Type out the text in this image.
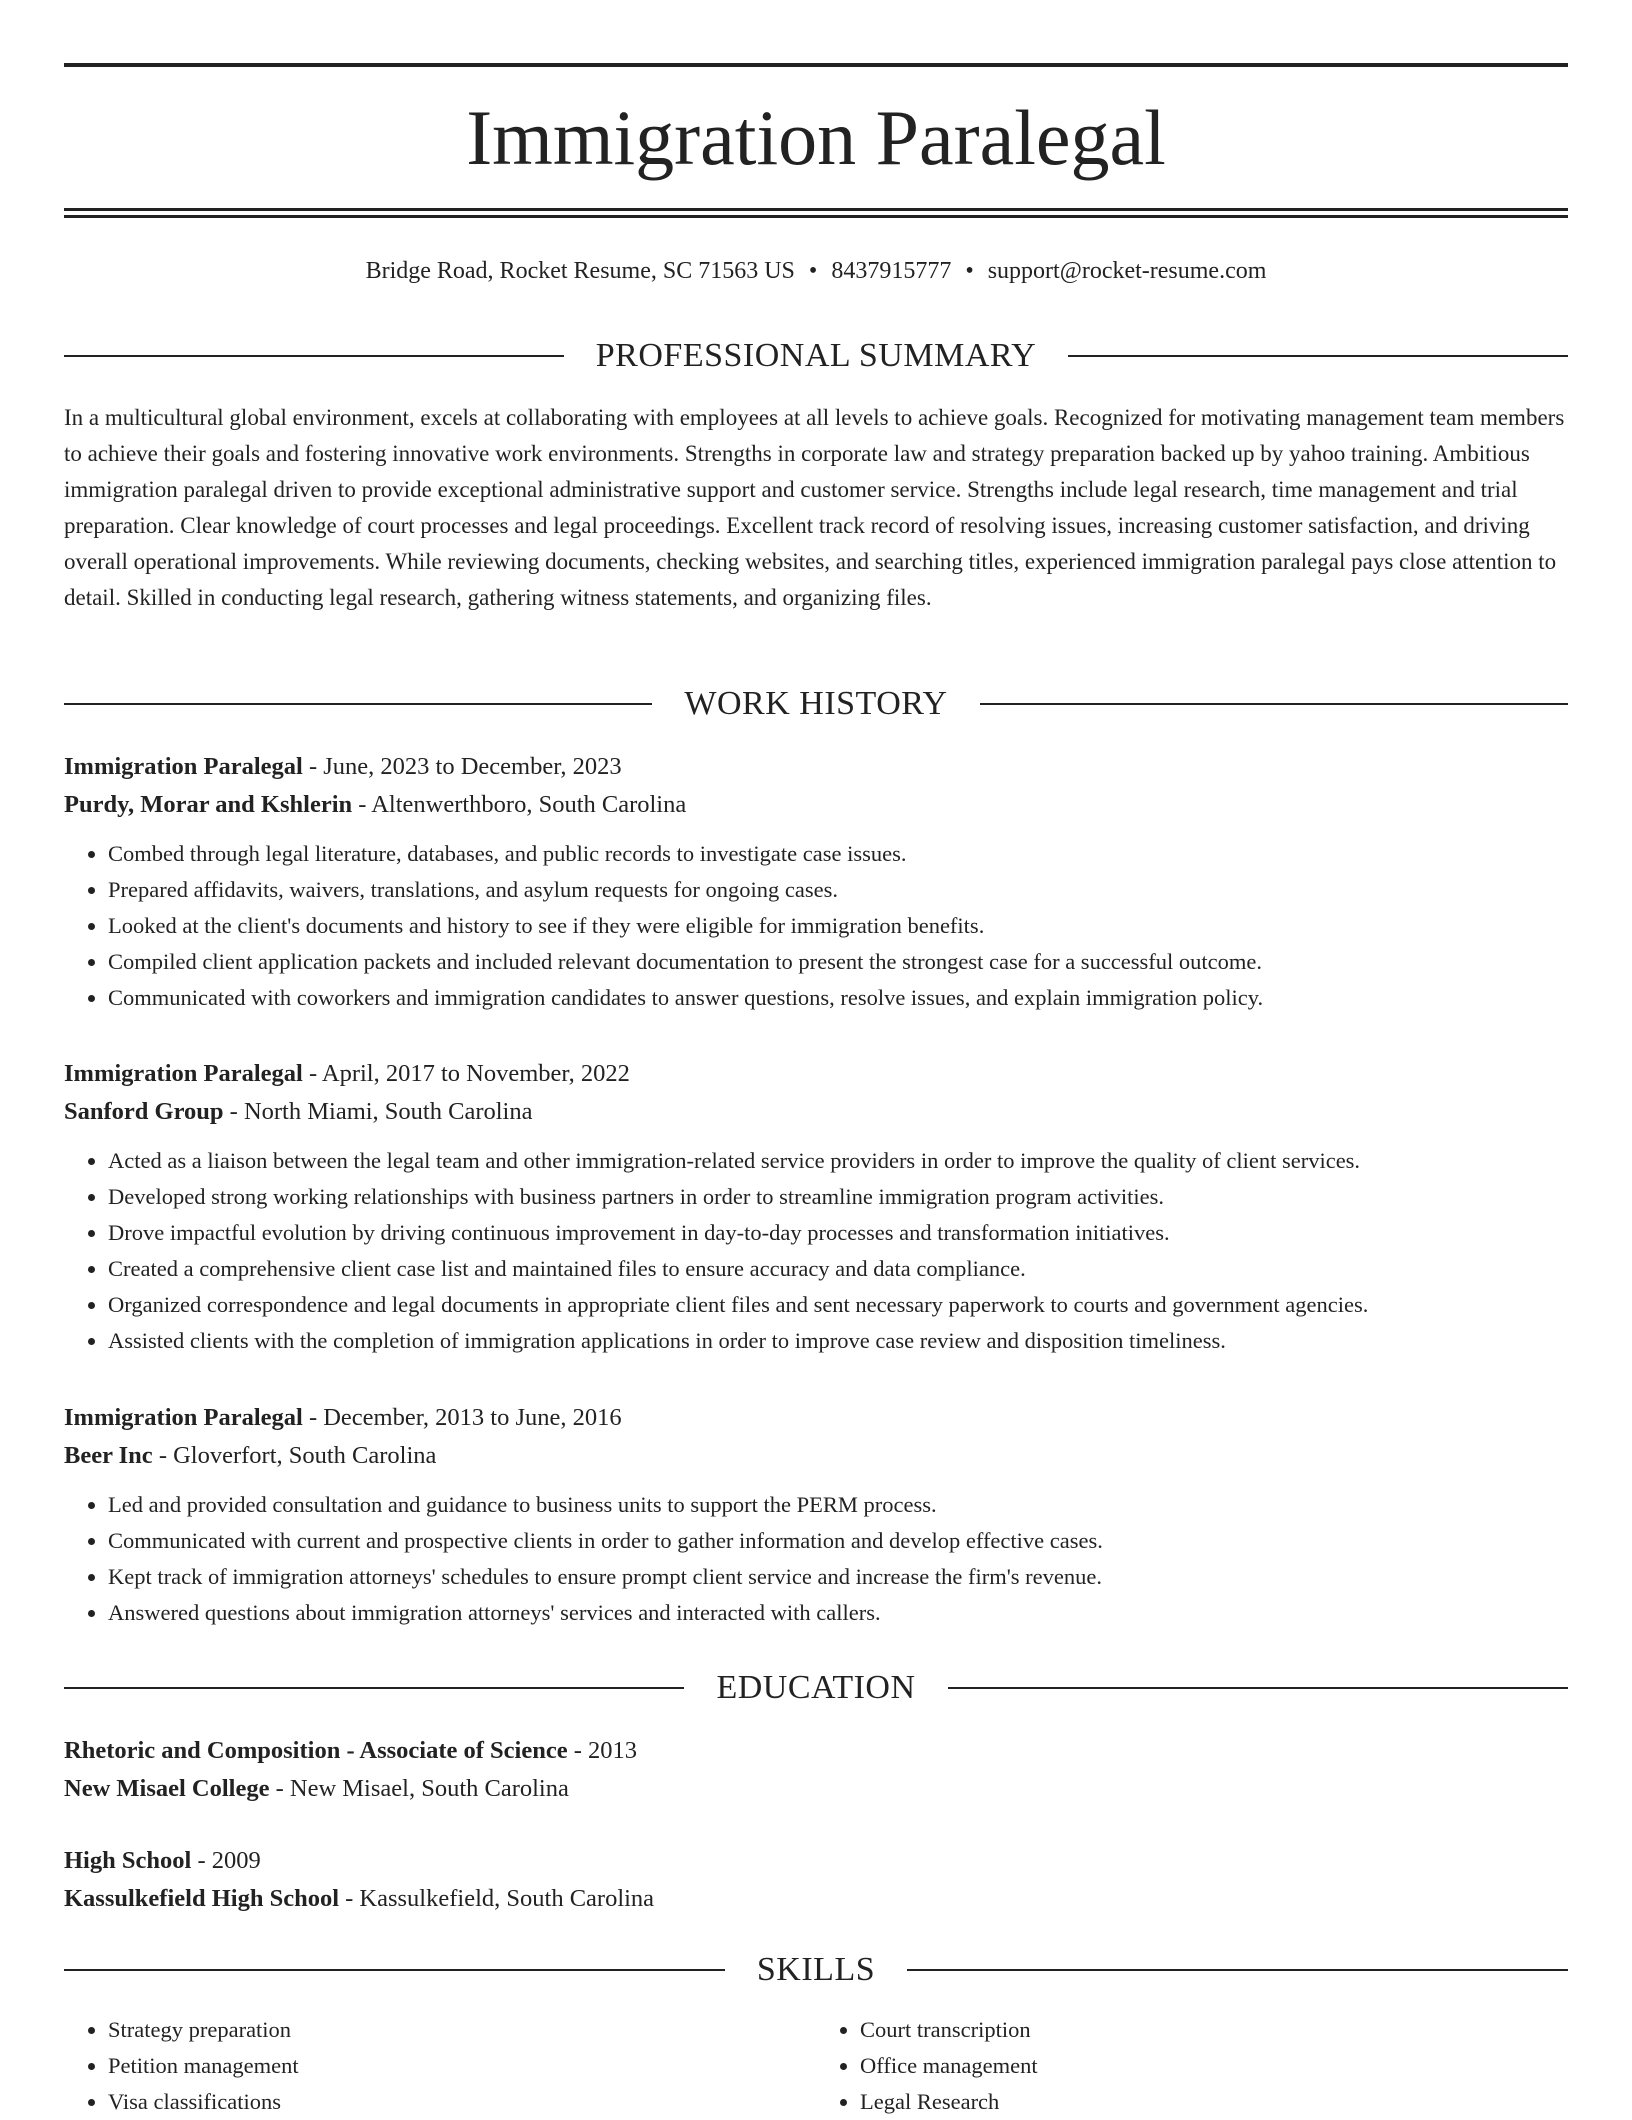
Immigration Paralegal
Bridge Road, Rocket Resume, SC 71563 US • 8437915777 • support@rocket-resume.com
PROFESSIONAL SUMMARY

In a multicultural global environment, excels at collaborating with employees at all levels to achieve goals. Recognized for motivating management team members to achieve their goals and fostering innovative work environments. Strengths in corporate law and strategy preparation backed up by yahoo training. Ambitious immigration paralegal driven to provide exceptional administrative support and customer service. Strengths include legal research, time management and trial preparation. Clear knowledge of court processes and legal proceedings. Excellent track record of resolving issues, increasing customer satisfaction, and driving overall operational improvements. While reviewing documents, checking websites, and searching titles, experienced immigration paralegal pays close attention to detail. Skilled in conducting legal research, gathering witness statements, and organizing files.

WORK HISTORY
Immigration Paralegal - June, 2023 to December, 2023
Purdy, Morar and Kshlerin - Altenwerthboro, South Carolina
• Combed through legal literature, databases, and public records to investigate case issues.
• Prepared affidavits, waivers, translations, and asylum requests for ongoing cases.
• Looked at the client's documents and history to see if they were eligible for immigration benefits.
• Compiled client application packets and included relevant documentation to present the strongest case for a successful outcome.
• Communicated with coworkers and immigration candidates to answer questions, resolve issues, and explain immigration policy.
Immigration Paralegal - April, 2017 to November, 2022
Sanford Group - North Miami, South Carolina
• Acted as a liaison between the legal team and other immigration-related service providers in order to improve the quality of client services.
• Developed strong working relationships with business partners in order to streamline immigration program activities.
• Drove impactful evolution by driving continuous improvement in day-to-day processes and transformation initiatives.
• Created a comprehensive client case list and maintained files to ensure accuracy and data compliance.
• Organized correspondence and legal documents in appropriate client files and sent necessary paperwork to courts and government agencies.
• Assisted clients with the completion of immigration applications in order to improve case review and disposition timeliness.
Immigration Paralegal - December, 2013 to June, 2016
Beer Inc - Gloverfort, South Carolina
• Led and provided consultation and guidance to business units to support the PERM process.
• Communicated with current and prospective clients in order to gather information and develop effective cases.
• Kept track of immigration attorneys' schedules to ensure prompt client service and increase the firm's revenue.
• Answered questions about immigration attorneys' services and interacted with callers.
EDUCATION
Rhetoric and Composition - Associate of Science - 2013
New Misael College - New Misael, South Carolina
High School - 2009
Kassulkefield High School - Kassulkefield, South Carolina
SKILLS
• Strategy preparation
• Petition management
• Visa classifications
• Court transcription
• Office management
• Legal Research
